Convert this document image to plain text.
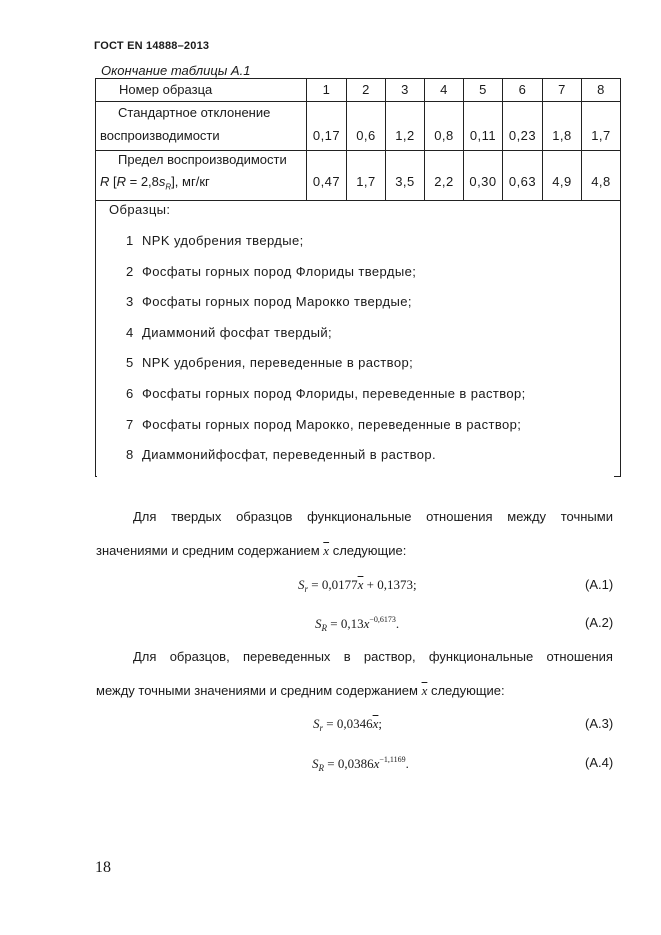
ГОСТ EN 14888–2013
Окончание таблицы А.1
Номер образца	1	2	3	4	5	6	7	8
Стандартное отклонение
воспроизводимости	0,17	0,6	1,2	0,8	0,11 0,23	1,8	1,7
Предел воспроизводимости
R $[R = 2,8s_R]$, мг/кг	0,47	1,7	3,5	2,2	0,30 0,63	4,9	4,8
Образцы:
1 NPK удобрения твердые;
2 Фосфаты горных пород Флориды твердые;
3 Фосфаты горных пород Марокко твердые;
4 Диаммоний фосфат твердый;
5 NPK удобрения, переведенные в раствор;
6 Фосфаты горных пород Флориды, переведенные в раствор;
7 Фосфаты горных пород Марокко, переведенные в раствор;
8 Диаммонийфосфат, переведенный в раствор.
Для твердых образцов функциональные отношения между точными
значениями и средним содержанием $\overline{x}$ следующие:
$S_r = 0,0177\overline{x} + 0,1373$;	(А.1)
$S_R = 0,13x^{-0,6173}$.	(А.2)
Для образцов, переведенных в раствор, функциональные отношения
между точными значениями и средним содержанием $\overline{x}$ следующие:
$S_r = 0,0346\overline{x}$;	(А.3)
$S_R = 0,0386x^{-1,1169}$.	(А.4)
18
